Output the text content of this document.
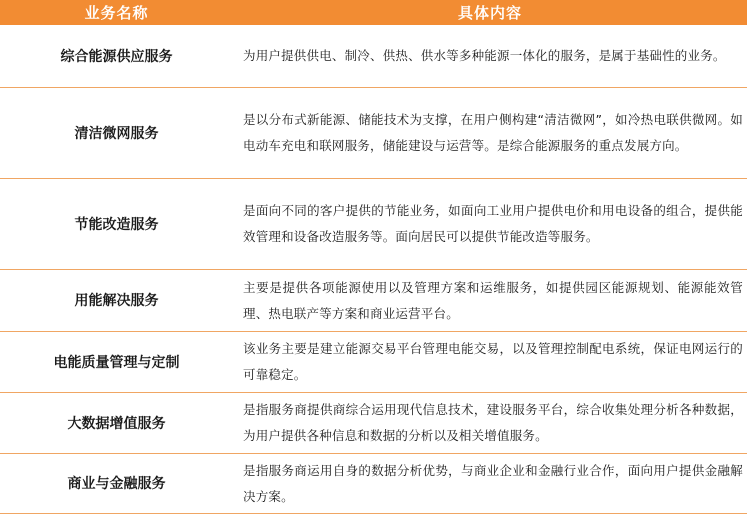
业务名称	具体内容
综合能源供应服务	为用户提供供电、制冷、供热、供水等多种能源一体化的服务，是属于基础性的业务。
清洁微网服务	是以分布式新能源、储能技术为支撑，在用户侧构建“清洁微网”，如冷热电联供微网。如电动车充电和联网服务，储能建设与运营等。是综合能源服务的重点发展方向。
节能改造服务	是面向不同的客户提供的节能业务，如面向工业用户提供电价和用电设备的组合，提供能效管理和设备改造服务等。面向居民可以提供节能改造等服务。
用能解决服务	主要是提供各项能源使用以及管理方案和运维服务，如提供园区能源规划、能源能效管理、热电联产等方案和商业运营平台。
电能质量管理与定制	该业务主要是建立能源交易平台管理电能交易，以及管理控制配电系统，保证电网运行的可靠稳定。
大数据增值服务	是指服务商提供商综合运用现代信息技术，建设服务平台，综合收集处理分析各种数据，为用户提供各种信息和数据的分析以及相关增值服务。
商业与金融服务	是指服务商运用自身的数据分析优势，与商业企业和金融行业合作，面向用户提供金融解决方案。
